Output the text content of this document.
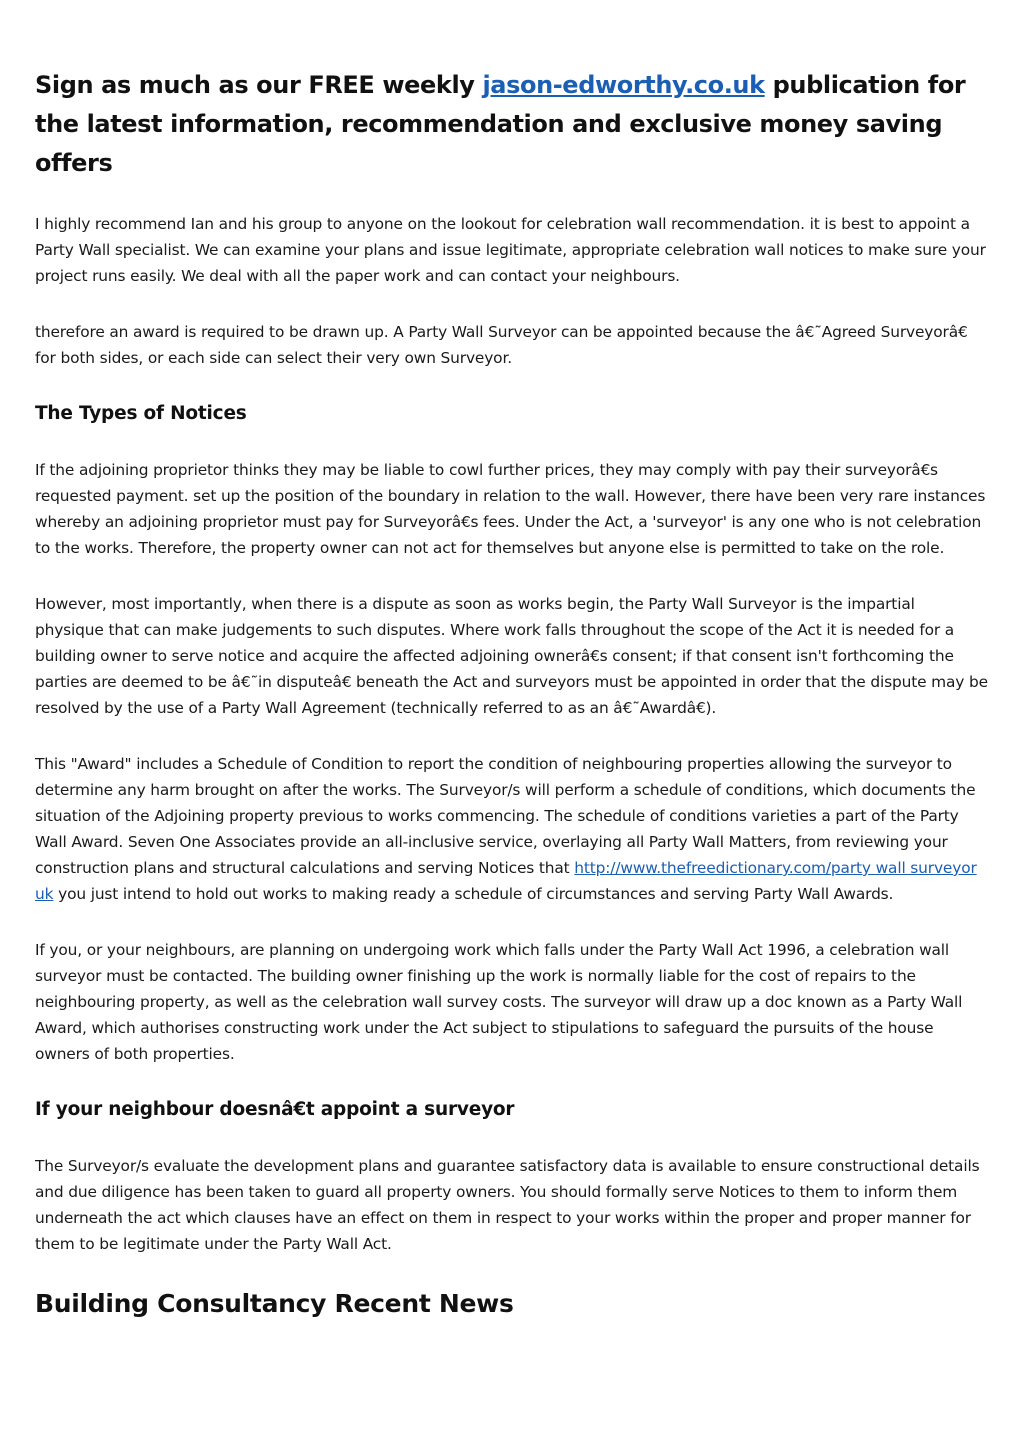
Sign as much as our FREE weekly jason-edworthy.co.uk publication for the latest information, recommendation and exclusive money saving offers

I highly recommend Ian and his group to anyone on the lookout for celebration wall recommendation. it is best to appoint a Party Wall specialist. We can examine your plans and issue legitimate, appropriate celebration wall notices to make sure your project runs easily. We deal with all the paper work and can contact your neighbours.

therefore an award is required to be drawn up. A Party Wall Surveyor can be appointed because the â€˜Agreed Surveyorâ€ for both sides, or each side can select their very own Surveyor.

The Types of Notices

If the adjoining proprietor thinks they may be liable to cowl further prices, they may comply with pay their surveyorâ€s requested payment. set up the position of the boundary in relation to the wall. However, there have been very rare instances whereby an adjoining proprietor must pay for Surveyorâ€s fees. Under the Act, a 'surveyor' is any one who is not celebration to the works. Therefore, the property owner can not act for themselves but anyone else is permitted to take on the role.

However, most importantly, when there is a dispute as soon as works begin, the Party Wall Surveyor is the impartial physique that can make judgements to such disputes. Where work falls throughout the scope of the Act it is needed for a building owner to serve notice and acquire the affected adjoining ownerâ€s consent; if that consent isn't forthcoming the parties are deemed to be â€˜in disputeâ€ beneath the Act and surveyors must be appointed in order that the dispute may be resolved by the use of a Party Wall Agreement (technically referred to as an â€˜Awardâ€).

This "Award" includes a Schedule of Condition to report the condition of neighbouring properties allowing the surveyor to determine any harm brought on after the works. The Surveyor/s will perform a schedule of conditions, which documents the situation of the Adjoining property previous to works commencing. The schedule of conditions varieties a part of the Party Wall Award. Seven One Associates provide an all-inclusive service, overlaying all Party Wall Matters, from reviewing your construction plans and structural calculations and serving Notices that http://www.thefreedictionary.com/party wall surveyor uk you just intend to hold out works to making ready a schedule of circumstances and serving Party Wall Awards.

If you, or your neighbours, are planning on undergoing work which falls under the Party Wall Act 1996, a celebration wall surveyor must be contacted. The building owner finishing up the work is normally liable for the cost of repairs to the neighbouring property, as well as the celebration wall survey costs. The surveyor will draw up a doc known as a Party Wall Award, which authorises constructing work under the Act subject to stipulations to safeguard the pursuits of the house owners of both properties.

If your neighbour doesnâ€t appoint a surveyor

The Surveyor/s evaluate the development plans and guarantee satisfactory data is available to ensure constructional details and due diligence has been taken to guard all property owners. You should formally serve Notices to them to inform them underneath the act which clauses have an effect on them in respect to your works within the proper and proper manner for them to be legitimate under the Party Wall Act.

Building Consultancy Recent News
